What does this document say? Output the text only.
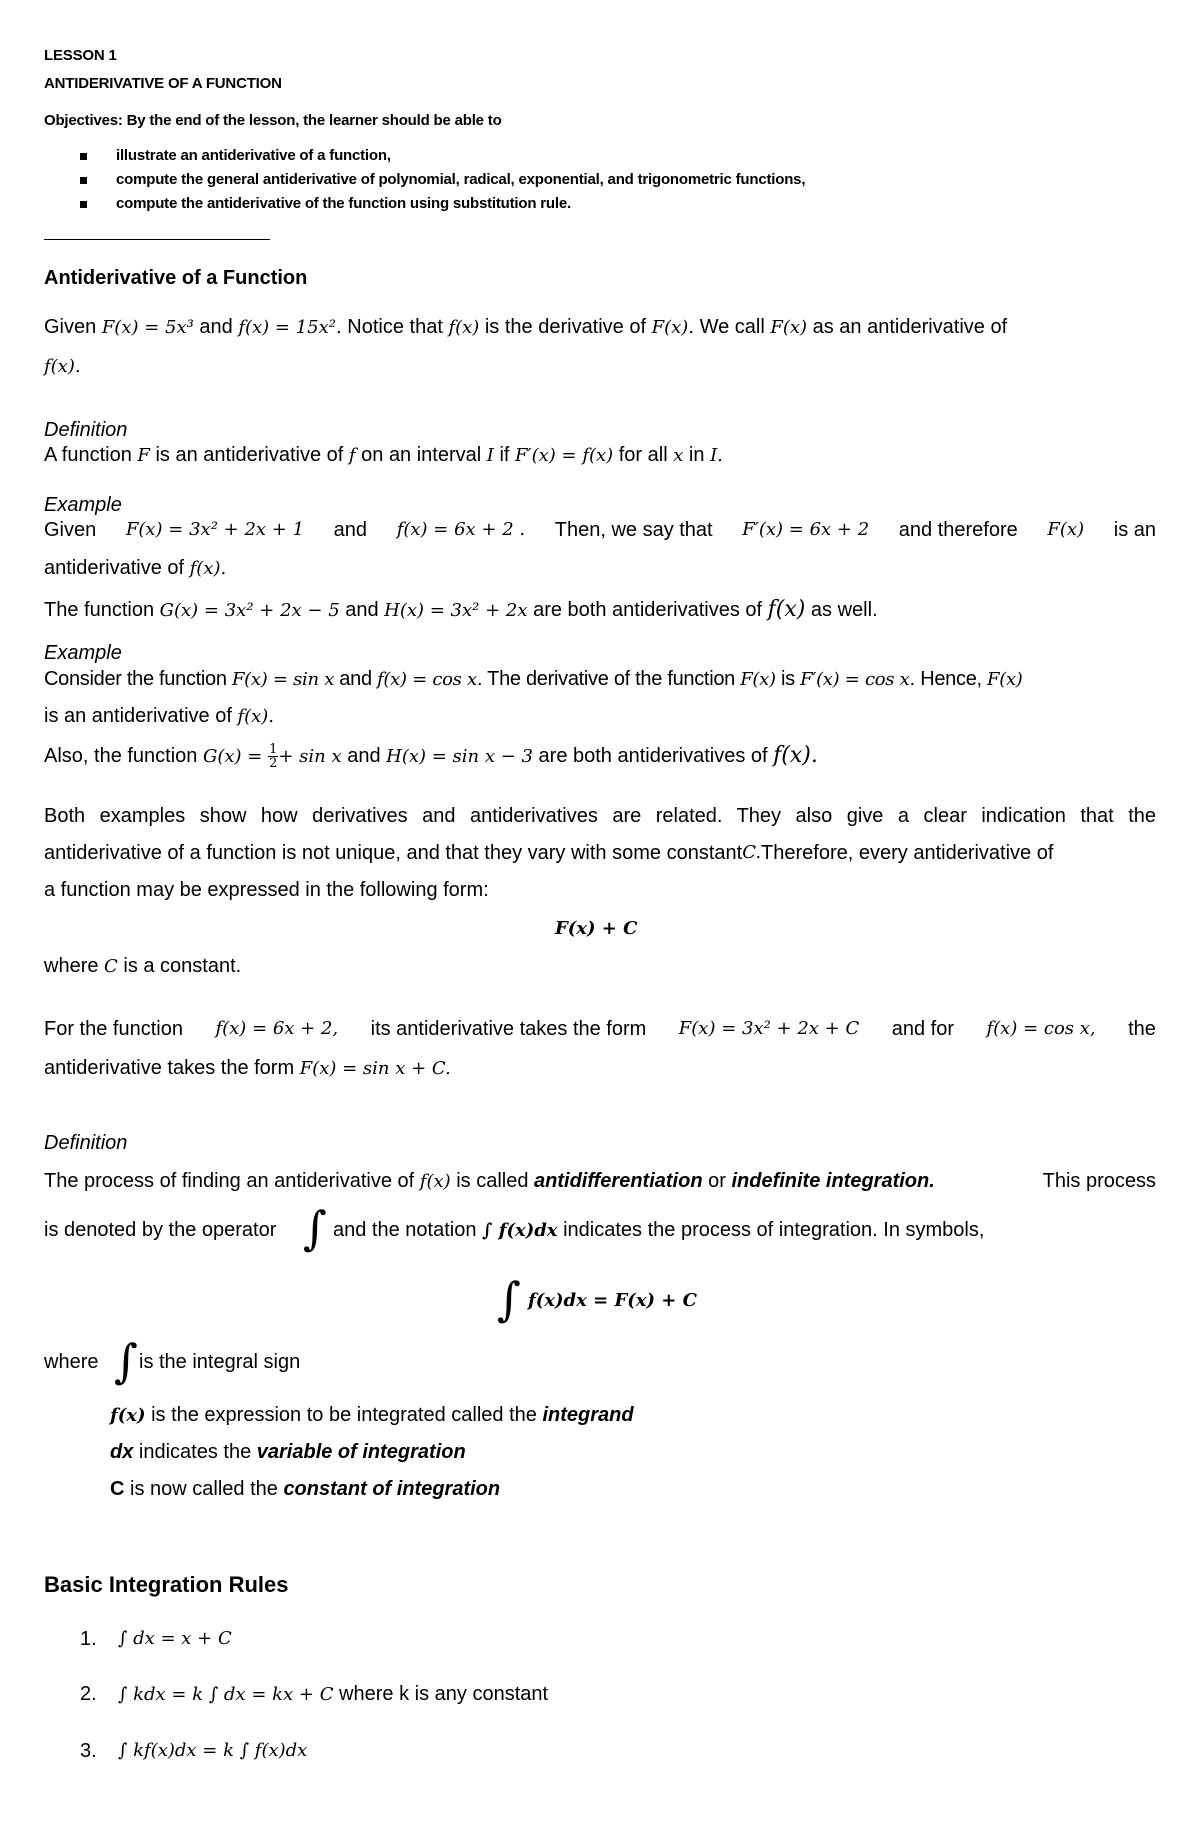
LESSON 1
ANTIDERIVATIVE OF A FUNCTION
Objectives: By the end of the lesson, the learner should be able to
illustrate an antiderivative of a function,
compute the general antiderivative of polynomial, radical, exponential, and trigonometric functions,
compute the antiderivative of the function using substitution rule.
Antiderivative of a Function
Given F(x) = 5x³ and f(x) = 15x². Notice that f(x) is the derivative of F(x). We call F(x) as an antiderivative of
f(x).
Definition
A function F is an antiderivative of f on an interval I if F′(x) = f(x) for all x in I.
Example
Given F(x) = 3x² + 2x + 1 and f(x) = 6x + 2 . Then, we say that F′(x) = 6x + 2 and therefore F(x) is an
antiderivative of f(x).
The function G(x) = 3x² + 2x − 5 and H(x) = 3x² + 2x are both antiderivatives of f(x) as well.
Example
Consider the function F(x) = sin x and f(x) = cos x. The derivative of the function F(x) is F′(x) = cos x. Hence, F(x)
is an antiderivative of f(x).
Also, the function $G(x) = \frac{1}{2} + \sin x$ and H(x) = sin x − 3 are both antiderivatives of f(x).
Both examples show how derivatives and antiderivatives are related. They also give a clear indication that the
antiderivative of a function is not unique, and that they vary with some constant C. Therefore, every antiderivative of
a function may be expressed in the following form:
F(x) + C
where C is a constant.
For the function f(x) = 6x + 2, its antiderivative takes the form F(x) = 3x² + 2x + C and for f(x) = cos x, the
antiderivative takes the form F(x) = sin x + C.
Definition
The process of finding an antiderivative of f(x) is called antidifferentiation or indefinite integration.	This process
is denoted by the operator ∫ and the notation ∫ f(x)dx indicates the process of integration. In symbols,
∫ f(x)dx = F(x) + C
where ∫ is the integral sign
f(x) is the expression to be integrated called the integrand
dx indicates the variable of integration
C is now called the constant of integration
Basic Integration Rules
1. ∫ dx = x + C
2. ∫ kdx = k ∫ dx = kx + C where k is any constant
3. ∫ kf(x)dx = k ∫ f(x)dx
